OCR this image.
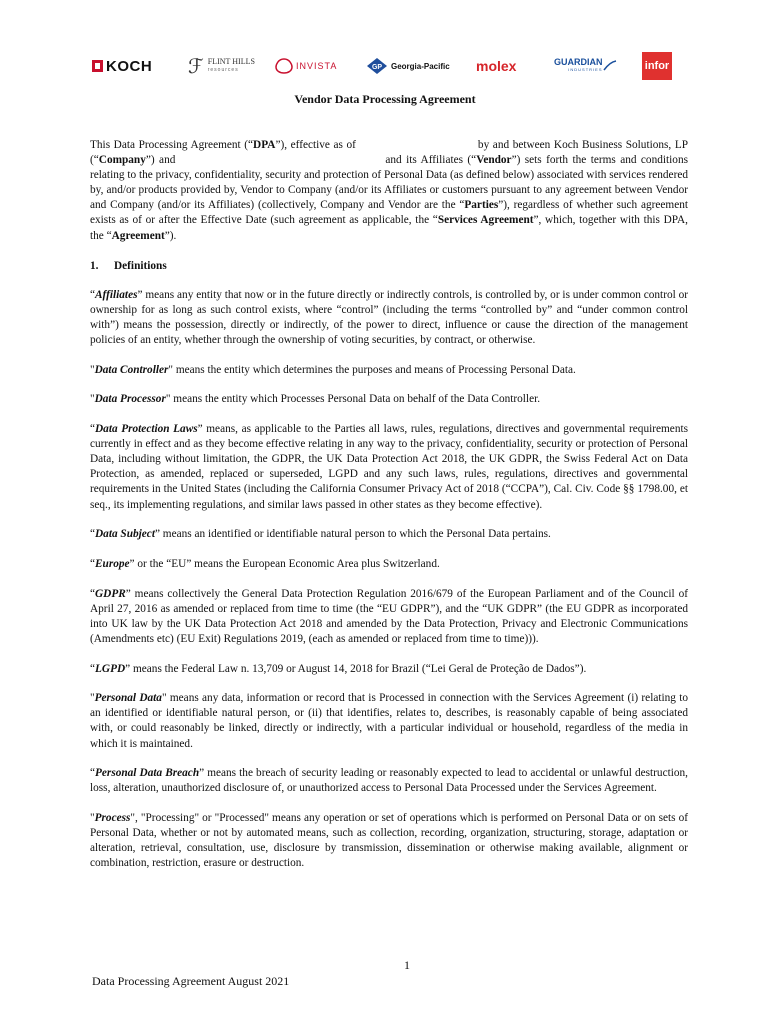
KOCH ℱ FLINT HILLS
resources	INVISTA	GP Georgia-Pacific molex	GUARDIAN
INDUSTRIES	infor
Vendor Data Processing Agreement

This Data Processing Agreement (“DPA”), effective as of	by and between Koch Business Solutions, LP (“Company”) and	and its Affiliates (“Vendor”) sets forth the terms and conditions relating to the privacy, confidentiality, security and protection of Personal Data (as defined below) associated with services rendered by, and/or products provided by, Vendor to Company (and/or its Affiliates or customers pursuant to any agreement between Vendor and Company (and/or its Affiliates) (collectively, Company and Vendor are the “Parties”), regardless of whether such agreement exists as of or after the Effective Date (such agreement as applicable, the “Services Agreement”, which, together with this DPA, the “Agreement”).

1. Definitions

“Affiliates” means any entity that now or in the future directly or indirectly controls, is controlled by, or is under common control or ownership for as long as such control exists, where “control” (including the terms “controlled by” and “under common control with”) means the possession, directly or indirectly, of the power to direct, influence or cause the direction of the management policies of an entity, whether through the ownership of voting securities, by contract, or otherwise.

"Data Controller" means the entity which determines the purposes and means of Processing Personal Data.

"Data Processor" means the entity which Processes Personal Data on behalf of the Data Controller.

“Data Protection Laws” means, as applicable to the Parties all laws, rules, regulations, directives and governmental requirements currently in effect and as they become effective relating in any way to the privacy, confidentiality, security or protection of Personal Data, including without limitation, the GDPR, the UK Data Protection Act 2018, the UK GDPR, the Swiss Federal Act on Data Protection, as amended, replaced or superseded, LGPD and any such laws, rules, regulations, directives and governmental requirements in the United States (including the California Consumer Privacy Act of 2018 (“CCPA”), Cal. Civ. Code §§ 1798.00, et seq., its implementing regulations, and similar laws passed in other states as they become effective).

“Data Subject” means an identified or identifiable natural person to which the Personal Data pertains.

“Europe” or the “EU” means the European Economic Area plus Switzerland.

“GDPR” means collectively the General Data Protection Regulation 2016/679 of the European Parliament and of the Council of April 27, 2016 as amended or replaced from time to time (the “EU GDPR”), and the “UK GDPR” (the EU GDPR as incorporated into UK law by the UK Data Protection Act 2018 and amended by the Data Protection, Privacy and Electronic Communications (Amendments etc) (EU Exit) Regulations 2019, (each as amended or replaced from time to time))).

“LGPD” means the Federal Law n. 13,709 or August 14, 2018 for Brazil (“Lei Geral de Proteção de Dados”).

"Personal Data" means any data, information or record that is Processed in connection with the Services Agreement (i) relating to an identified or identifiable natural person, or (ii) that identifies, relates to, describes, is reasonably capable of being associated with, or could reasonably be linked, directly or indirectly, with a particular individual or household, regardless of the media in which it is maintained.

“Personal Data Breach” means the breach of security leading or reasonably expected to lead to accidental or unlawful destruction, loss, alteration, unauthorized disclosure of, or unauthorized access to Personal Data Processed under the Services Agreement.

"Process", "Processing" or "Processed" means any operation or set of operations which is performed on Personal Data or on sets of Personal Data, whether or not by automated means, such as collection, recording, organization, structuring, storage, adaptation or alteration, retrieval, consultation, use, disclosure by transmission, dissemination or otherwise making available, alignment or combination, restriction, erasure or destruction.

1
Data Processing Agreement August 2021
